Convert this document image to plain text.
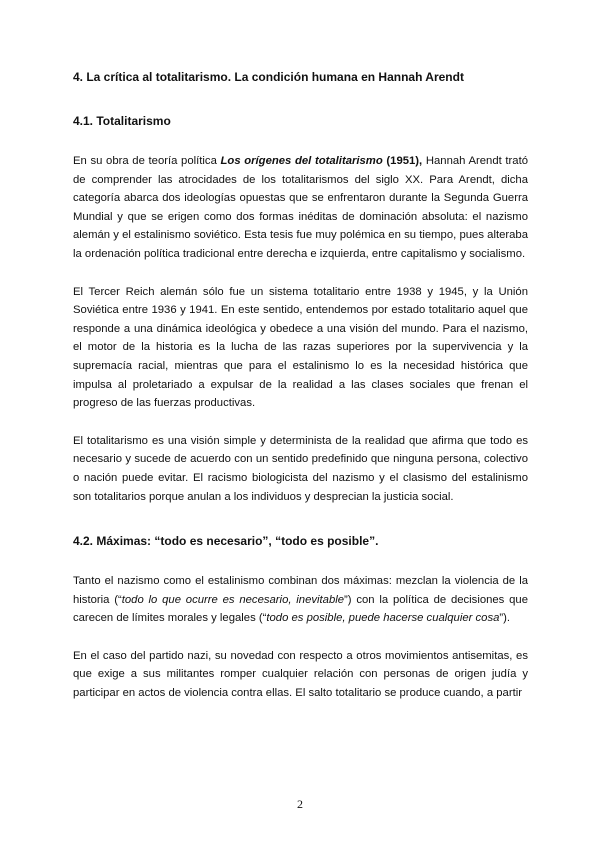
4. La crítica al totalitarismo. La condición humana en Hannah Arendt
4.1. Totalitarismo

En su obra de teoría política Los orígenes del totalitarismo (1951), Hannah Arendt trató de comprender las atrocidades de los totalitarismos del siglo XX. Para Arendt, dicha categoría abarca dos ideologías opuestas que se enfrentaron durante la Segunda Guerra Mundial y que se erigen como dos formas inéditas de dominación absoluta: el nazismo alemán y el estalinismo soviético. Esta tesis fue muy polémica en su tiempo, pues alteraba la ordenación política tradicional entre derecha e izquierda, entre capitalismo y socialismo.

El Tercer Reich alemán sólo fue un sistema totalitario entre 1938 y 1945, y la Unión Soviética entre 1936 y 1941. En este sentido, entendemos por estado totalitario aquel que responde a una dinámica ideológica y obedece a una visión del mundo. Para el nazismo, el motor de la historia es la lucha de las razas superiores por la supervivencia y la supremacía racial, mientras que para el estalinismo lo es la necesidad histórica que impulsa al proletariado a expulsar de la realidad a las clases sociales que frenan el progreso de las fuerzas productivas.

El totalitarismo es una visión simple y determinista de la realidad que afirma que todo es necesario y sucede de acuerdo con un sentido predefinido que ninguna persona, colectivo o nación puede evitar. El racismo biologicista del nazismo y el clasismo del estalinismo son totalitarios porque anulan a los individuos y desprecian la justicia social.

4.2. Máximas: “todo es necesario”, “todo es posible”.

Tanto el nazismo como el estalinismo combinan dos máximas: mezclan la violencia de la historia (“todo lo que ocurre es necesario, inevitable”) con la política de decisiones que carecen de límites morales y legales (“todo es posible, puede hacerse cualquier cosa”).

En el caso del partido nazi, su novedad con respecto a otros movimientos antisemitas, es que exige a sus militantes romper cualquier relación con personas de origen judía y participar en actos de violencia contra ellas. El salto totalitario se produce cuando, a partir

2
